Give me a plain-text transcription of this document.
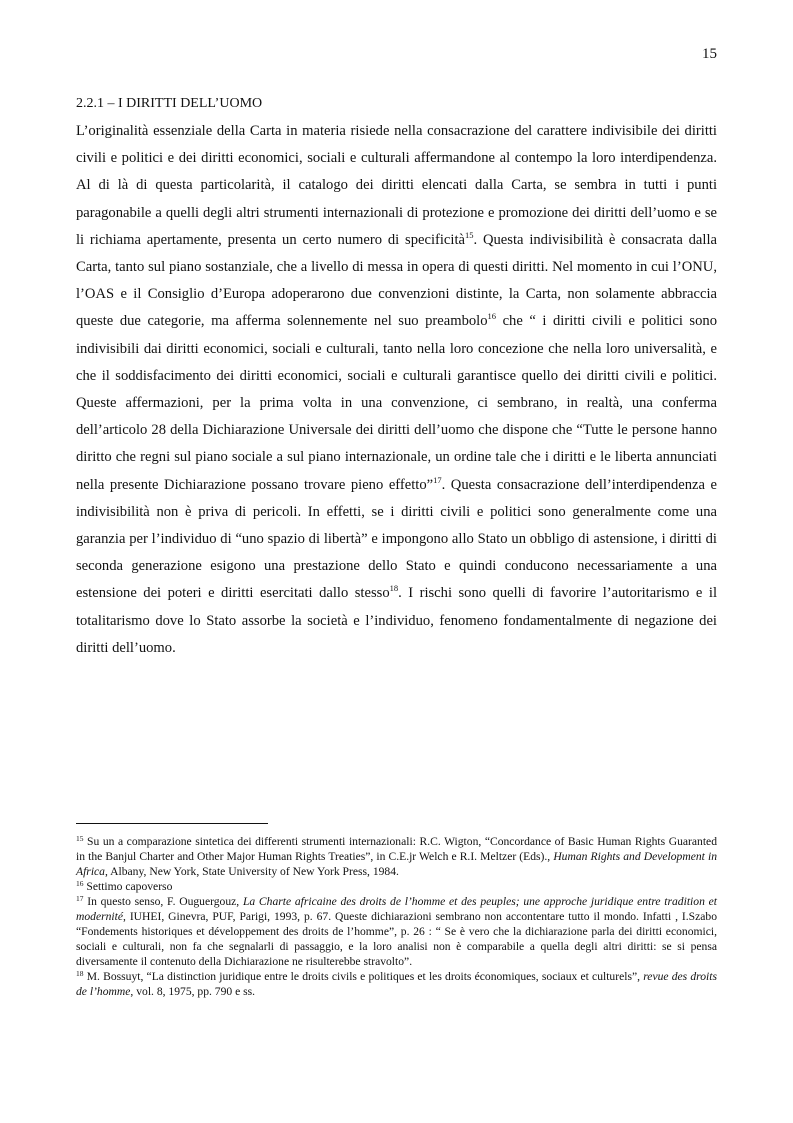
15
2.2.1 – I DIRITTI DELL’UOMO

L’originalità essenziale della Carta in materia risiede nella consacrazione del carattere indivisibile dei diritti civili e politici e dei diritti economici, sociali e culturali affermandone al contempo la loro interdipendenza. Al di là di questa particolarità, il catalogo dei diritti elencati dalla Carta, se sembra in tutti i punti paragonabile a quelli degli altri strumenti internazionali di protezione e promozione dei diritti dell’uomo e se li richiama apertamente, presenta un certo numero di specificità$^{15}$. Questa indivisibilità è consacrata dalla Carta, tanto sul piano sostanziale, che a livello di messa in opera di questi diritti. Nel momento in cui l’ONU, l’OAS e il Consiglio d’Europa adoperarono due convenzioni distinte, la Carta, non solamente abbraccia queste due categorie, ma afferma solennemente nel suo preambolo$^{16}$ che “ i diritti civili e politici sono indivisibili dai diritti economici, sociali e culturali, tanto nella loro concezione che nella loro universalità, e che il soddisfacimento dei diritti economici, sociali e culturali garantisce quello dei diritti civili e politici. Queste affermazioni, per la prima volta in una convenzione, ci sembrano, in realtà, una conferma dell’articolo 28 della Dichiarazione Universale dei diritti dell’uomo che dispone che “Tutte le persone hanno diritto che regni sul piano sociale a sul piano internazionale, un ordine tale che i diritti e le liberta annunciati nella presente Dichiarazione possano trovare pieno effetto”$^{17}$. Questa consacrazione dell’interdipendenza e indivisibilità non è priva di pericoli. In effetti, se i diritti civili e politici sono generalmente come una garanzia per l’individuo di “uno spazio di libertà” e impongono allo Stato un obbligo di astensione, i diritti di seconda generazione esigono una prestazione dello Stato e quindi conducono necessariamente a una estensione dei poteri e diritti esercitati dallo stesso$^{18}$. I rischi sono quelli di favorire l’autoritarismo e il totalitarismo dove lo Stato assorbe la società e l’individuo, fenomeno fondamentalmente di negazione dei diritti dell’uomo.

$^{15}$ Su un a comparazione sintetica dei differenti strumenti internazionali: R.C. Wigton, “Concordance of Basic Human Rights Guaranted in the Banjul Charter and Other Major Human Rights Treaties”, in C.E.jr Welch e R.I. Meltzer (Eds)., Human Rights and Development in Africa, Albany, New York, State University of New York Press, 1984.

$^{16}$ Settimo capoverso

$^{17}$ In questo senso, F. Ouguergouz, La Charte africaine des droits de l’homme et des peuples; une approche juridique entre tradition et modernité, IUHEI, Ginevra, PUF, Parigi, 1993, p. 67. Queste dichiarazioni sembrano non accontentare tutto il mondo. Infatti , I.Szabo “Fondements historiques et développement des droits de l’homme”, p. 26 : “ Se è vero che la dichiarazione parla dei diritti economici, sociali e culturali, non fa che segnalarli di passaggio, e la loro analisi non è comparabile a quella degli altri diritti: se si pensa diversamente il contenuto della Dichiarazione ne risulterebbe stravolto”.

$^{18}$ M. Bossuyt, “La distinction juridique entre le droits civils e politiques et les droits économiques, sociaux et culturels”, revue des droits de l’homme, vol. 8, 1975, pp. 790 e ss.
